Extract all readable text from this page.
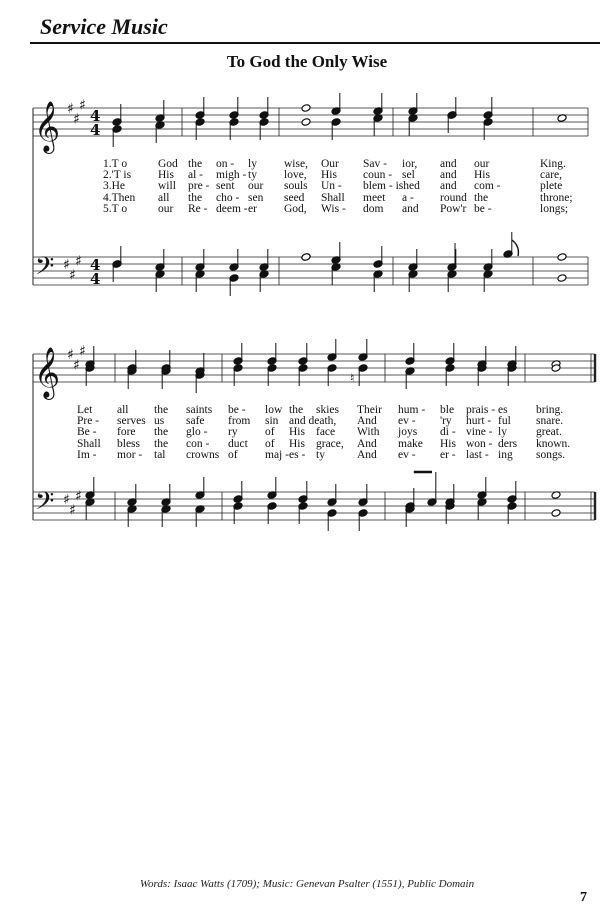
Service Music
To God the Only Wise
𝄞
𝄢
♯
♯
♯
♯
♯
♯
4
4
4
4
𝄞
𝄢
♯
♯
♯
♯
♯
♯
♮
1.T o	God the on - ly wise, Our Sav - ior, and our	King.
2.'T is His al - migh - ty love, His coun - sel and His	care,
3.He	will pre - sent our souls Un - blem - ished and com -	plete
4.Then all the cho - sen seed Shall meet a - round the	throne;
5.T o	our Re - deem - er God, Wis - dom and Pow'r be -	longs;
Let all the saints be - low the skies Their hum - ble prais - es bring.
Pre - serves us safe from sin and death, And ev - 'ry hurt - ful snare.
Be - fore the glo - ry of His face With joys di - vine - ly	great.
Shall bless the con - duct of His grace, And make His won - ders known.
Im - mor - tal crowns of maj - es - ty	And ev - er - last - ing songs.
Words: Isaac Watts (1709); Music: Genevan Psalter (1551), Public Domain
7
